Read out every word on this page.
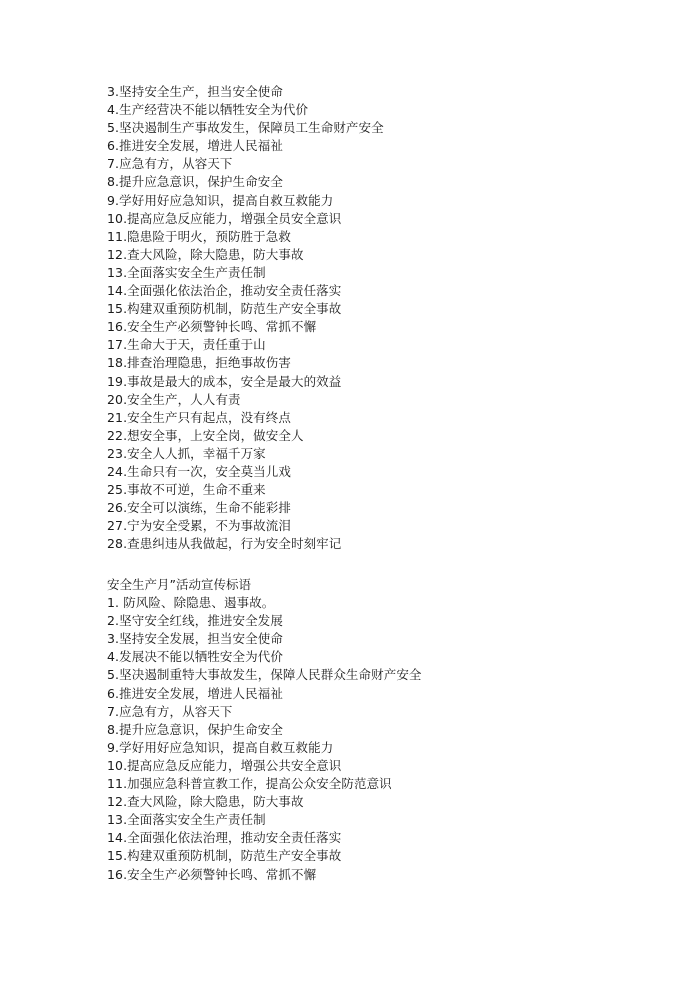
3.坚持安全生产，担当安全使命
4.生产经营决不能以牺牲安全为代价
5.坚决遏制生产事故发生，保障员工生命财产安全
6.推进安全发展，增进人民福祉
7.应急有方，从容天下
8.提升应急意识，保护生命安全
9.学好用好应急知识，提高自救互救能力
10.提高应急反应能力，增强全员安全意识
11.隐患险于明火，预防胜于急救
12.查大风险，除大隐患，防大事故
13.全面落实安全生产责任制
14.全面强化依法治企，推动安全责任落实
15.构建双重预防机制，防范生产安全事故
16.安全生产必须警钟长鸣、常抓不懈
17.生命大于天，责任重于山
18.排查治理隐患，拒绝事故伤害
19.事故是最大的成本，安全是最大的效益
20.安全生产，人人有责
21.安全生产只有起点，没有终点
22.想安全事，上安全岗，做安全人
23.安全人人抓，幸福千万家
24.生命只有一次，安全莫当儿戏
25.事故不可逆，生命不重来
26.安全可以演练，生命不能彩排
27.宁为安全受累，不为事故流泪
28.查患纠违从我做起，行为安全时刻牢记
安全生产月”活动宣传标语
1. 防风险、除隐患、遏事故。
2.坚守安全红线，推进安全发展
3.坚持安全发展，担当安全使命
4.发展决不能以牺牲安全为代价
5.坚决遏制重特大事故发生，保障人民群众生命财产安全
6.推进安全发展，增进人民福祉
7.应急有方，从容天下
8.提升应急意识，保护生命安全
9.学好用好应急知识，提高自救互救能力
10.提高应急反应能力，增强公共安全意识
11.加强应急科普宣教工作，提高公众安全防范意识
12.查大风险，除大隐患，防大事故
13.全面落实安全生产责任制
14.全面强化依法治理，推动安全责任落实
15.构建双重预防机制，防范生产安全事故
16.安全生产必须警钟长鸣、常抓不懈
